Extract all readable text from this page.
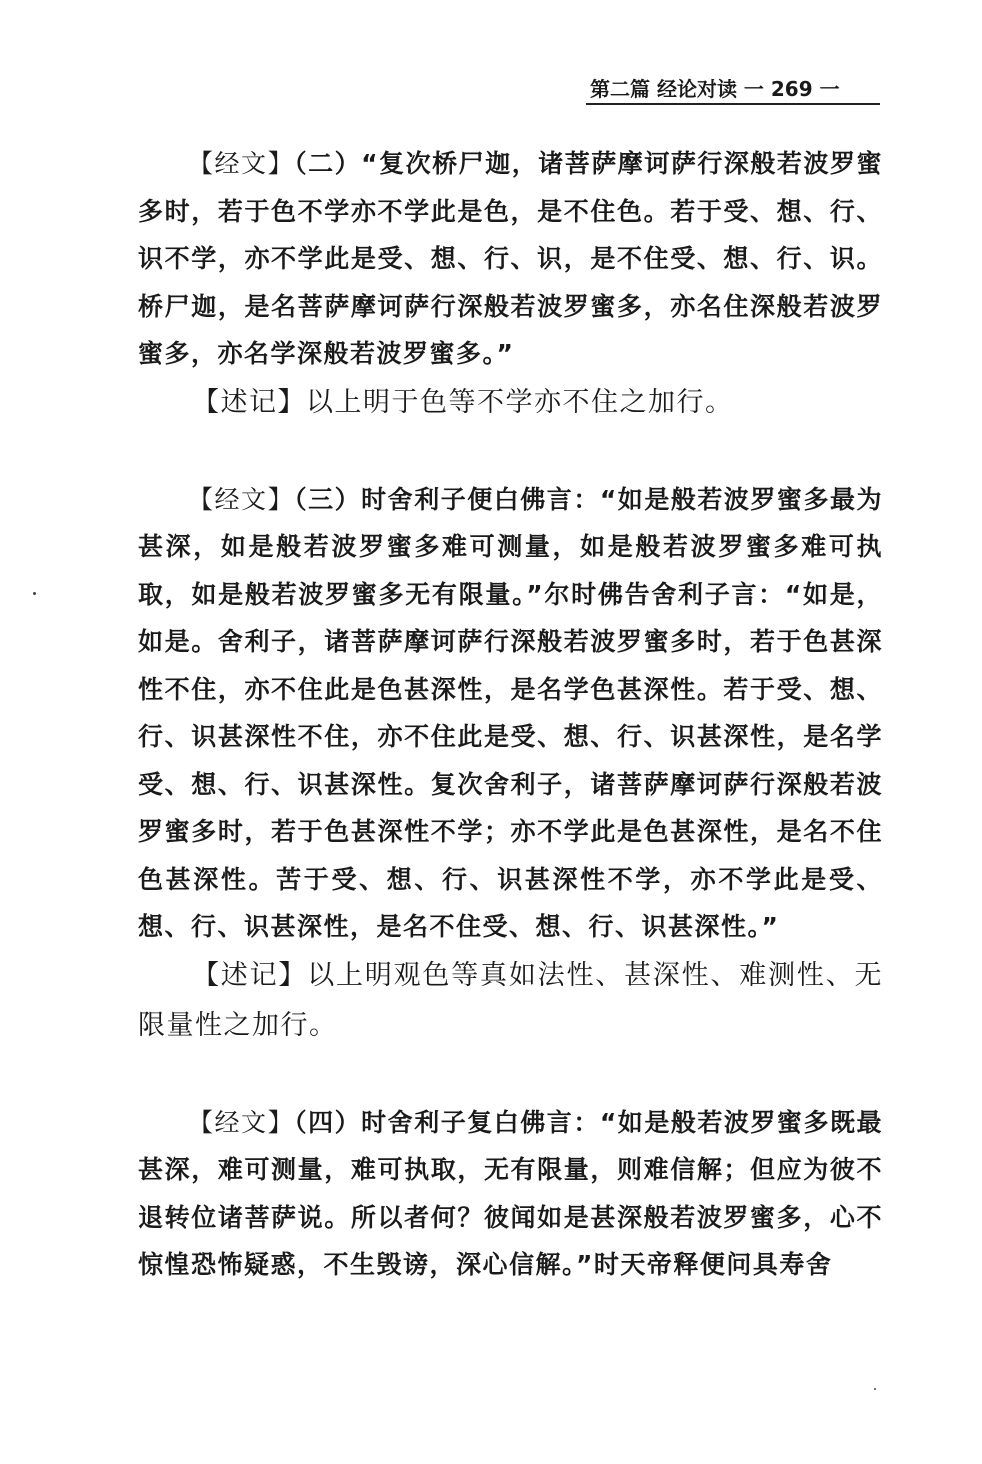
第二篇 经论对读 一 269 一

【经文】（二）“复次桥尸迦，诸菩萨摩诃萨行深般若波罗蜜多时，若于色不学亦不学此是色，是不住色。若于受、想、行、识不学，亦不学此是受、想、行、识，是不住受、想、行、识。桥尸迦，是名菩萨摩诃萨行深般若波罗蜜多，亦名住深般若波罗蜜多，亦名学深般若波罗蜜多。”

【述记】以上明于色等不学亦不住之加行。

【经文】（三）时舍利子便白佛言：“如是般若波罗蜜多最为甚深，如是般若波罗蜜多难可测量，如是般若波罗蜜多难可执取，如是般若波罗蜜多无有限量。”尔时佛告舍利子言：“如是，如是。舍利子，诸菩萨摩诃萨行深般若波罗蜜多时，若于色甚深性不住，亦不住此是色甚深性，是名学色甚深性。若于受、想、行、识甚深性不住，亦不住此是受、想、行、识甚深性，是名学受、想、行、识甚深性。复次舍利子，诸菩萨摩诃萨行深般若波罗蜜多时，若于色甚深性不学；亦不学此是色甚深性，是名不住色甚深性。苦于受、想、行、识甚深性不学，亦不学此是受、想、行、识甚深性，是名不住受、想、行、识甚深性。”

【述记】以上明观色等真如法性、甚深性、难测性、无限量性之加行。

【经文】（四）时舍利子复白佛言：“如是般若波罗蜜多既最甚深，难可测量，难可执取，无有限量，则难信解；但应为彼不退转位诸菩萨说。所以者何？彼闻如是甚深般若波罗蜜多，心不惊惶恐怖疑惑，不生毁谤，深心信解。”时天帝释便问具寿舍
